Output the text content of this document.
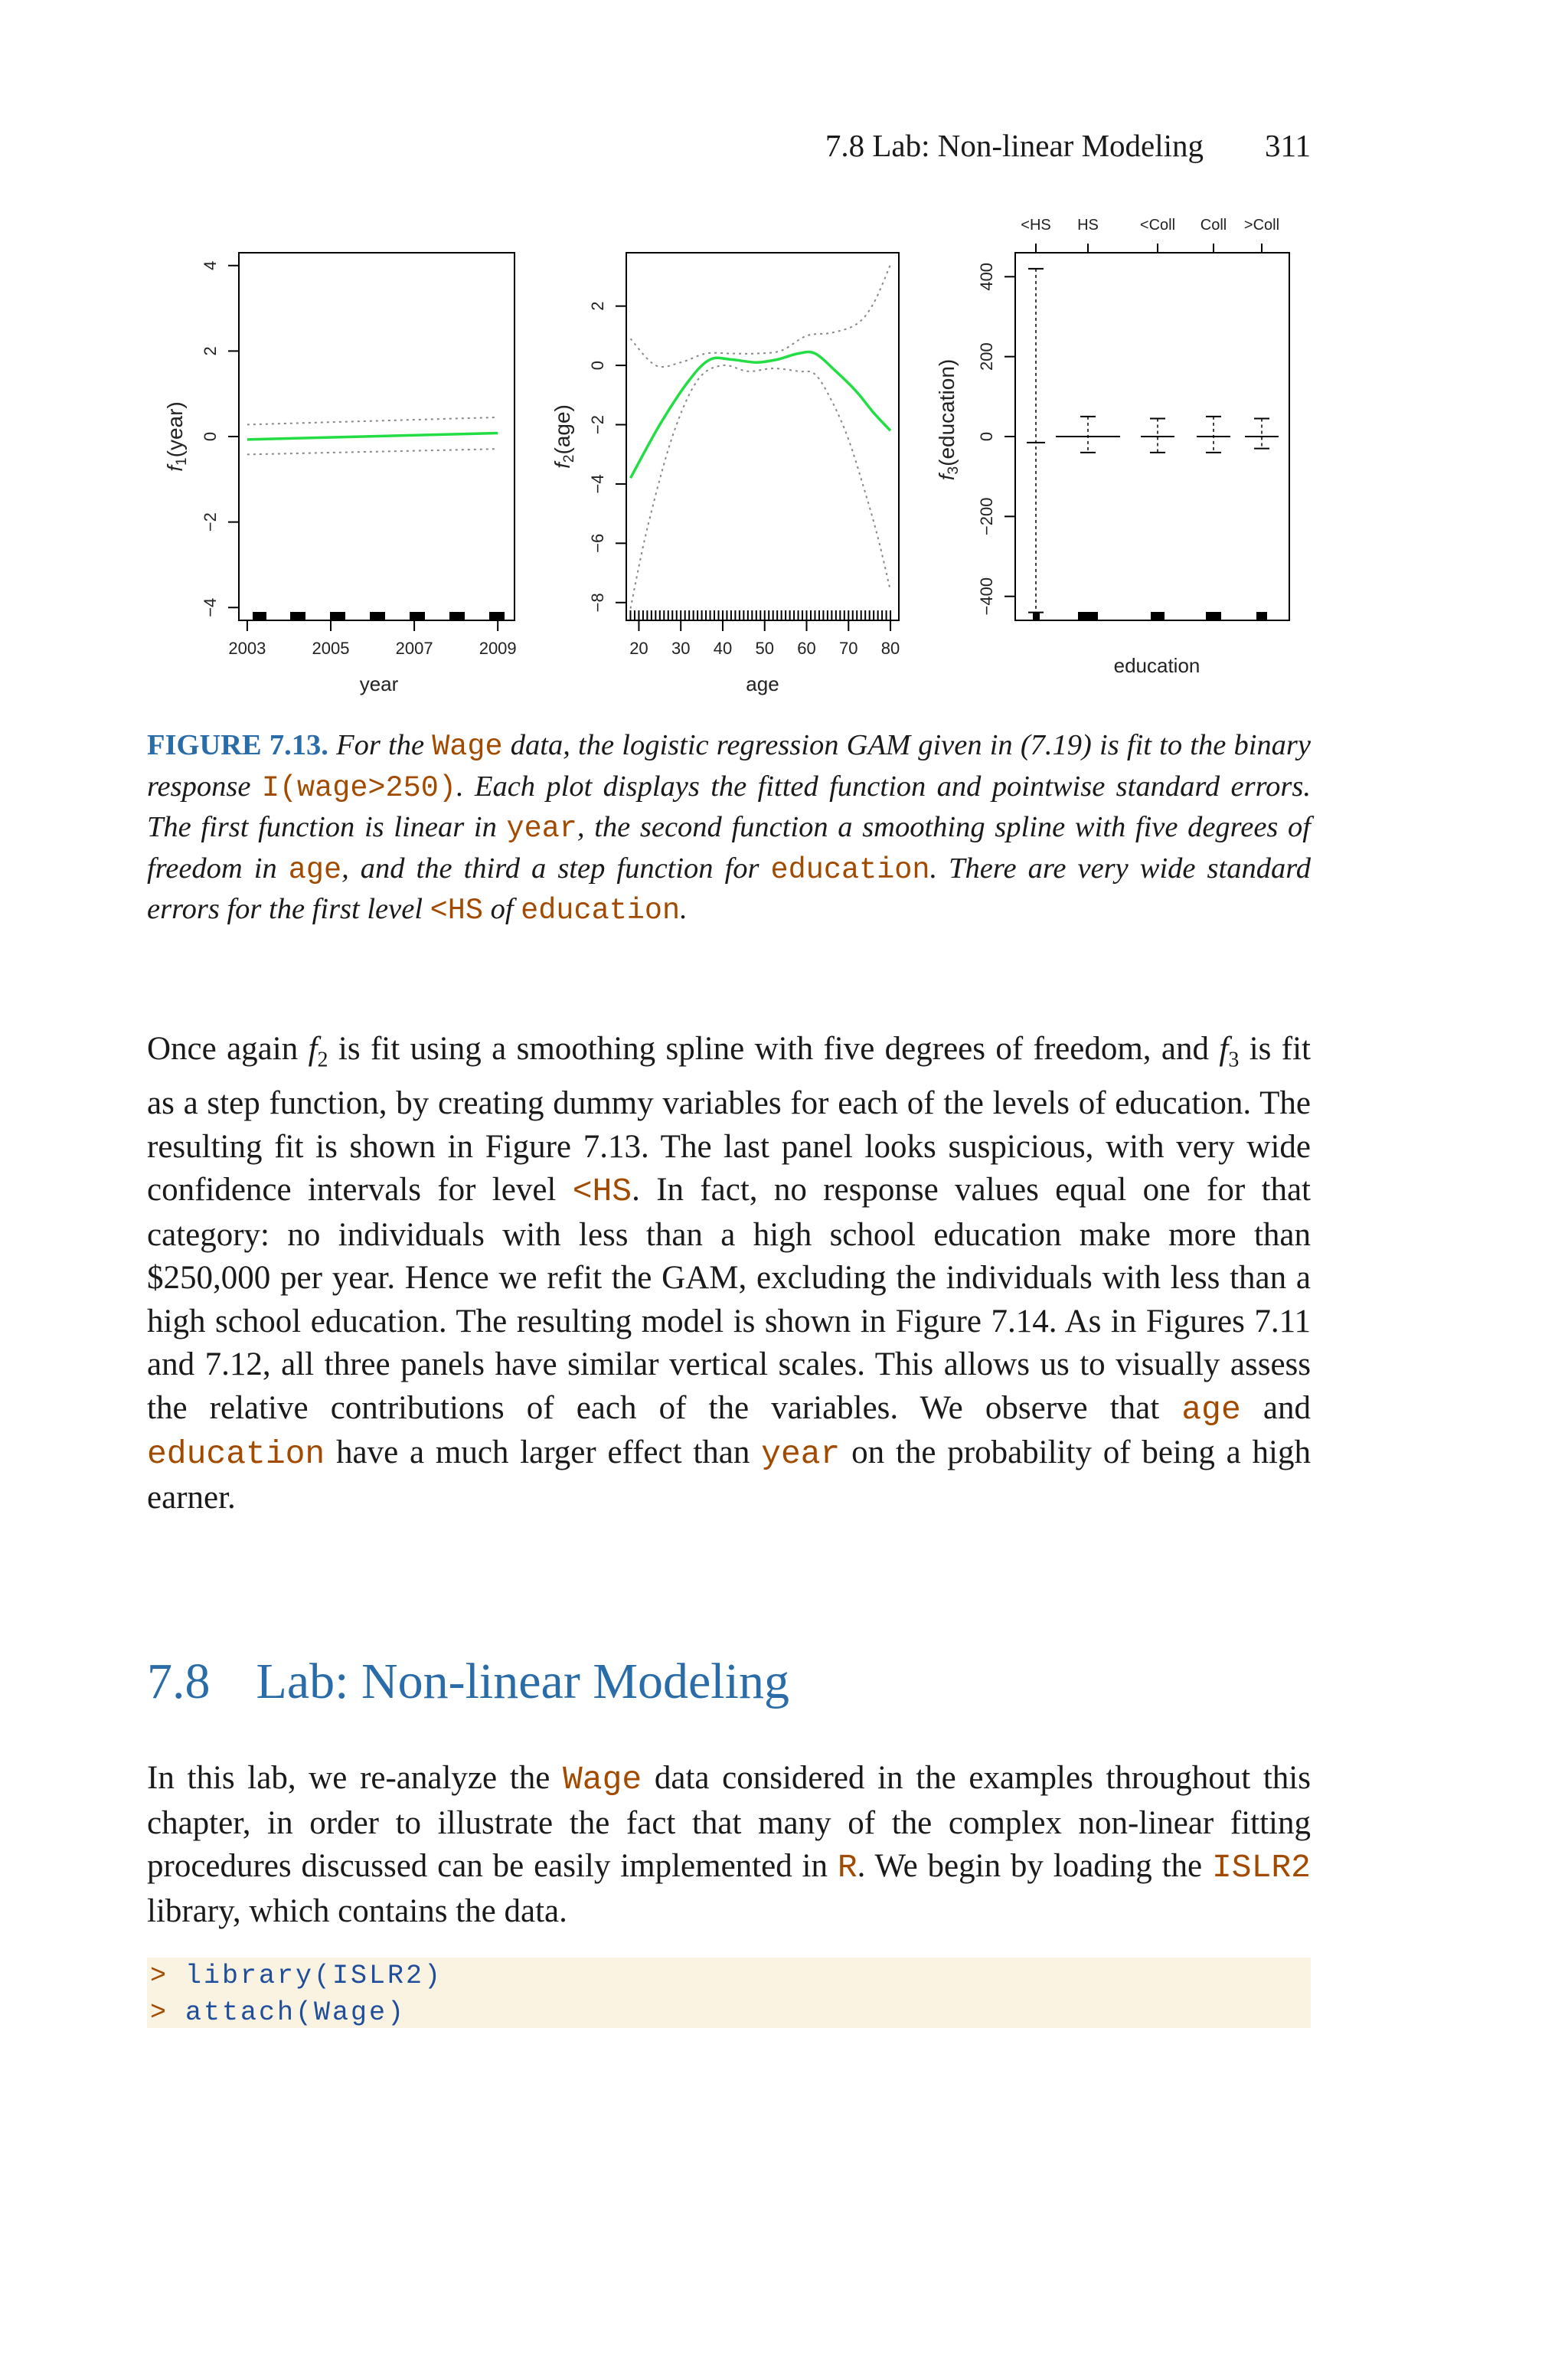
7.8 Lab: Non-linear Modeling 311
−4
−2
0
2
4
2003	2005	2007	2009
year
f1(year)
−8
−6
−4
−2
0
2
20 30 40 50 60 70 80
age
f2(age)
−400
−200
0
200
400
<HS HS	<Coll Coll >Coll
education
f3(education)
FIGURE 7.13. For the Wage data, the logistic regression GAM given in (7.19) is fit to the binary response I(wage>250). Each plot displays the fitted function and pointwise standard errors. The first function is linear in year, the second function a smoothing spline with five degrees of freedom in age, and the third a step function for education. There are very wide standard errors for the first level <HS of education.
Once again $f_2$ is fit using a smoothing spline with five degrees of freedom, and $f_3$ is fit as a step function, by creating dummy variables for each of the levels of education. The resulting fit is shown in Figure 7.13. The last panel looks suspicious, with very wide confidence intervals for level <HS. In fact, no response values equal one for that category: no individuals with less than a high school education make more than $250,000 per year. Hence we refit the GAM, excluding the individuals with less than a high school education. The resulting model is shown in Figure 7.14. As in Figures 7.11 and 7.12, all three panels have similar vertical scales. This allows us to visually assess the relative contributions of each of the variables. We observe that age and education have a much larger effect than year on the probability of being a high earner.
7.8 Lab: Non-linear Modeling
In this lab, we re-analyze the Wage data considered in the examples throughout this chapter, in order to illustrate the fact that many of the complex non-linear fitting procedures discussed can be easily implemented in R. We begin by loading the ISLR2 library, which contains the data.
> library(ISLR2)
> attach(Wage)
